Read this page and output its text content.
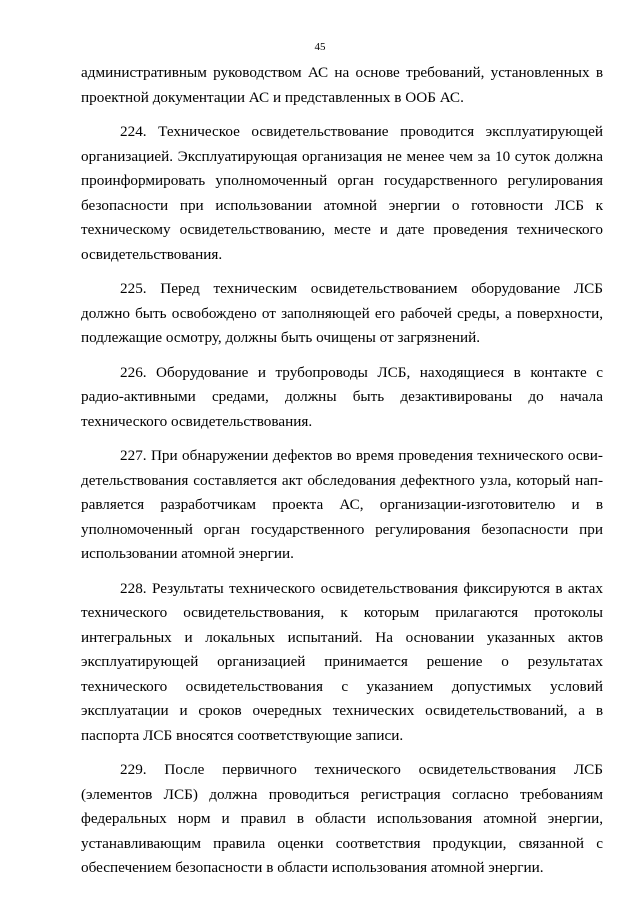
45

административным руководством АС на основе требований, установленных в проектной документации АС и представленных в ООБ АС.

224. Техническое освидетельствование проводится эксплуатирующей организацией. Эксплуатирующая организация не менее чем за 10 суток должна проинформировать уполномоченный орган государственного регулирования безопасности при использовании атомной энергии о готовности ЛСБ к техническому освидетельствованию, месте и дате проведения технического освидетельствования.

225. Перед техническим освидетельствованием оборудование ЛСБ должно быть освобождено от заполняющей его рабочей среды, а поверхности, подлежащие осмотру, должны быть очищены от загрязнений.

226. Оборудование и трубопроводы ЛСБ, находящиеся в контакте с радио-активными средами, должны быть дезактивированы до начала технического освидетельствования.

227. При обнаружении дефектов во время проведения технического осви-детельствования составляется акт обследования дефектного узла, который нап-равляется разработчикам проекта АС, организации-изготовителю и в уполномоченный орган государственного регулирования безопасности при использовании атомной энергии.

228. Результаты технического освидетельствования фиксируются в актах технического освидетельствования, к которым прилагаются протоколы интегральных и локальных испытаний. На основании указанных актов эксплуатирующей организацией принимается решение о результатах технического освидетельствования с указанием допустимых условий эксплуатации и сроков очередных технических освидетельствований, а в паспорта ЛСБ вносятся соответствующие записи.

229. После первичного технического освидетельствования ЛСБ (элементов ЛСБ) должна проводиться регистрация согласно требованиям федеральных норм и правил в области использования атомной энергии, устанавливающим правила оценки соответствия продукции, связанной с обеспечением безопасности в области использования атомной энергии.
